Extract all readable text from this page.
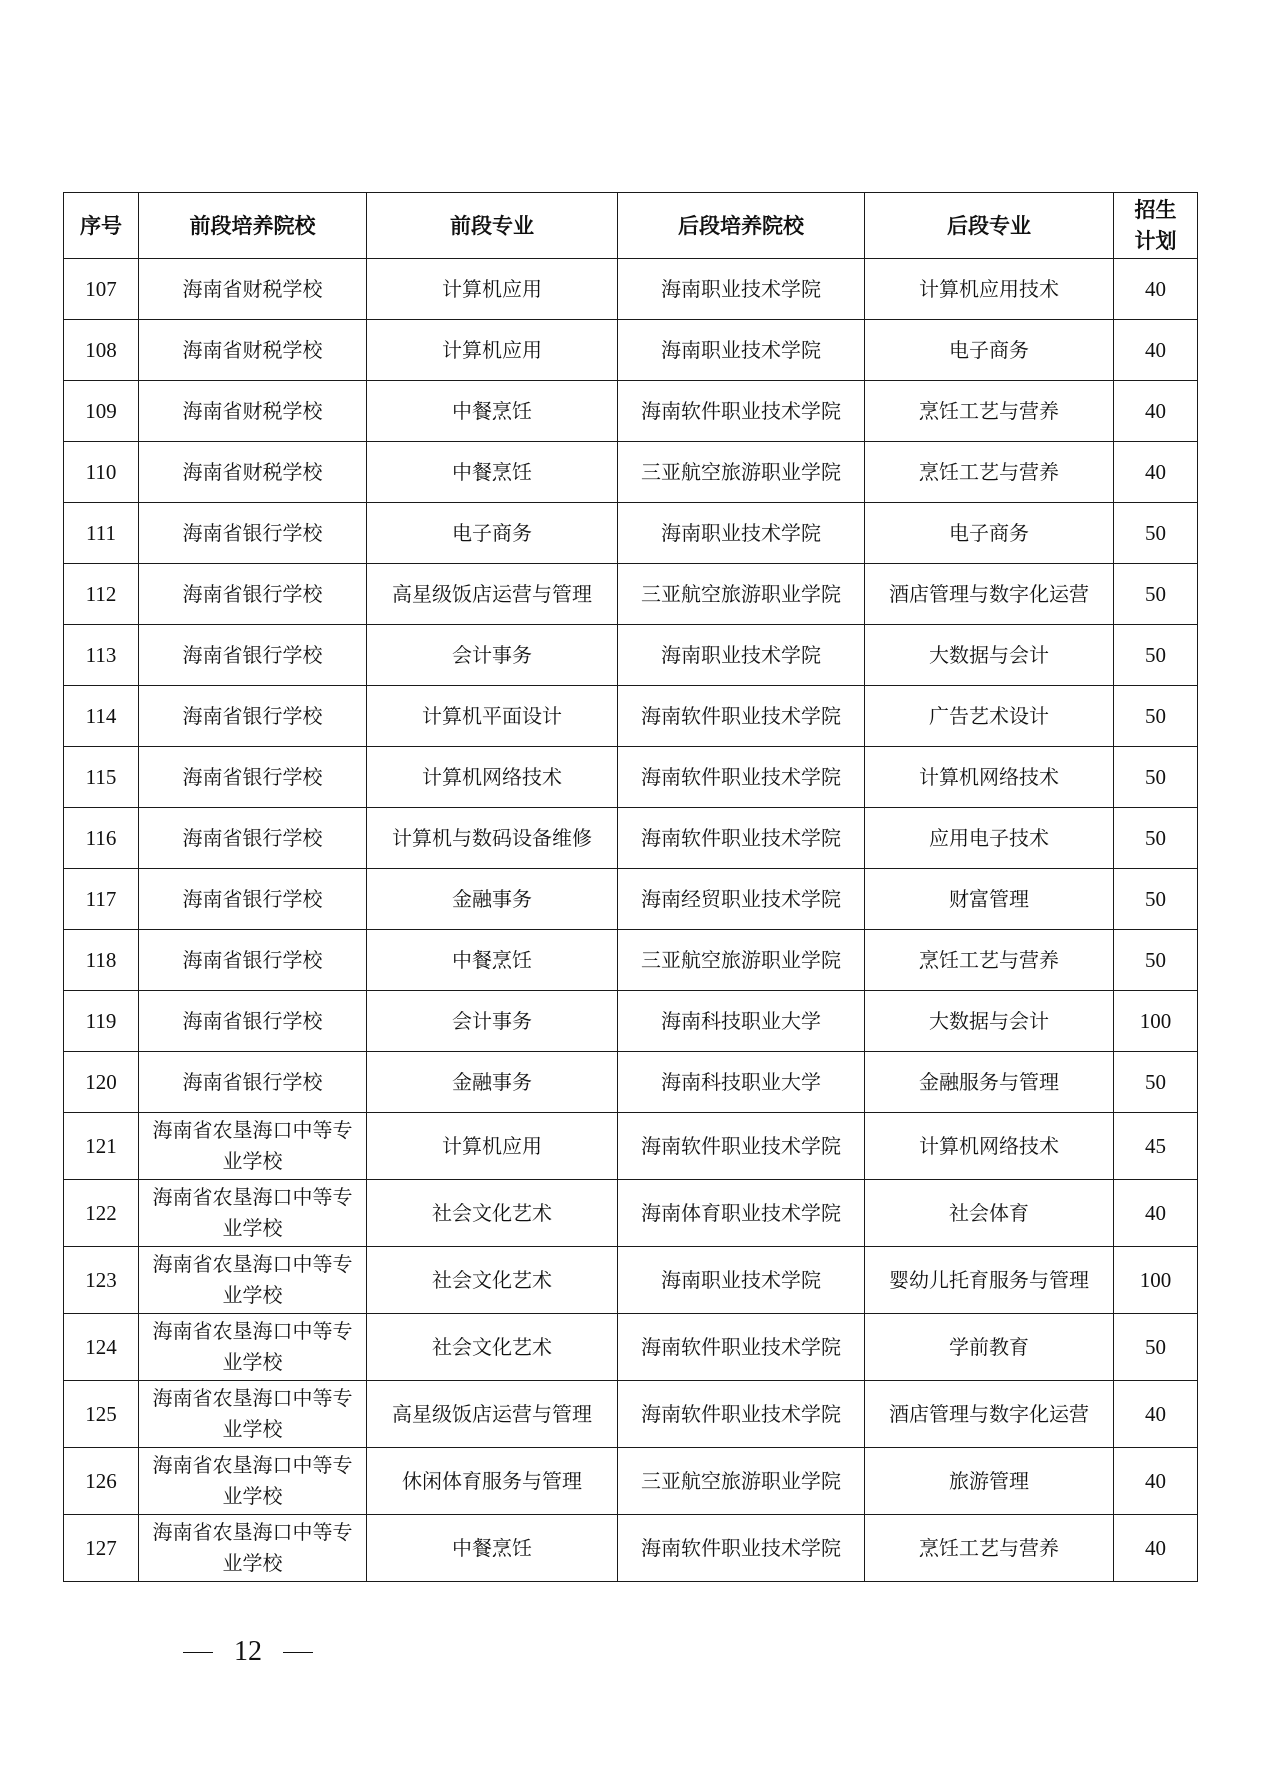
序号	前段培养院校	前段专业	后段培养院校	后段专业	招生
计划
107	海南省财税学校	计算机应用	海南职业技术学院	计算机应用技术	40
108	海南省财税学校	计算机应用	海南职业技术学院	电子商务	40
109	海南省财税学校	中餐烹饪	海南软件职业技术学院	烹饪工艺与营养	40
110	海南省财税学校	中餐烹饪	三亚航空旅游职业学院	烹饪工艺与营养	40
111	海南省银行学校	电子商务	海南职业技术学院	电子商务	50
112	海南省银行学校	高星级饭店运营与管理	三亚航空旅游职业学院	酒店管理与数字化运营	50
113	海南省银行学校	会计事务	海南职业技术学院	大数据与会计	50
114	海南省银行学校	计算机平面设计	海南软件职业技术学院	广告艺术设计	50
115	海南省银行学校	计算机网络技术	海南软件职业技术学院	计算机网络技术	50
116	海南省银行学校	计算机与数码设备维修	海南软件职业技术学院	应用电子技术	50
117	海南省银行学校	金融事务	海南经贸职业技术学院	财富管理	50
118	海南省银行学校	中餐烹饪	三亚航空旅游职业学院	烹饪工艺与营养	50
119	海南省银行学校	会计事务	海南科技职业大学	大数据与会计	100
120	海南省银行学校	金融事务	海南科技职业大学	金融服务与管理	50
121	海南省农垦海口中等专业学校	计算机应用	海南软件职业技术学院	计算机网络技术	45
122	海南省农垦海口中等专业学校	社会文化艺术	海南体育职业技术学院	社会体育	40
123	海南省农垦海口中等专业学校	社会文化艺术	海南职业技术学院	婴幼儿托育服务与管理	100
124	海南省农垦海口中等专业学校	社会文化艺术	海南软件职业技术学院	学前教育	50
125	海南省农垦海口中等专业学校	高星级饭店运营与管理	海南软件职业技术学院	酒店管理与数字化运营	40
126	海南省农垦海口中等专业学校	休闲体育服务与管理	三亚航空旅游职业学院	旅游管理	40
127	海南省农垦海口中等专业学校	中餐烹饪	海南软件职业技术学院	烹饪工艺与营养	40
12
